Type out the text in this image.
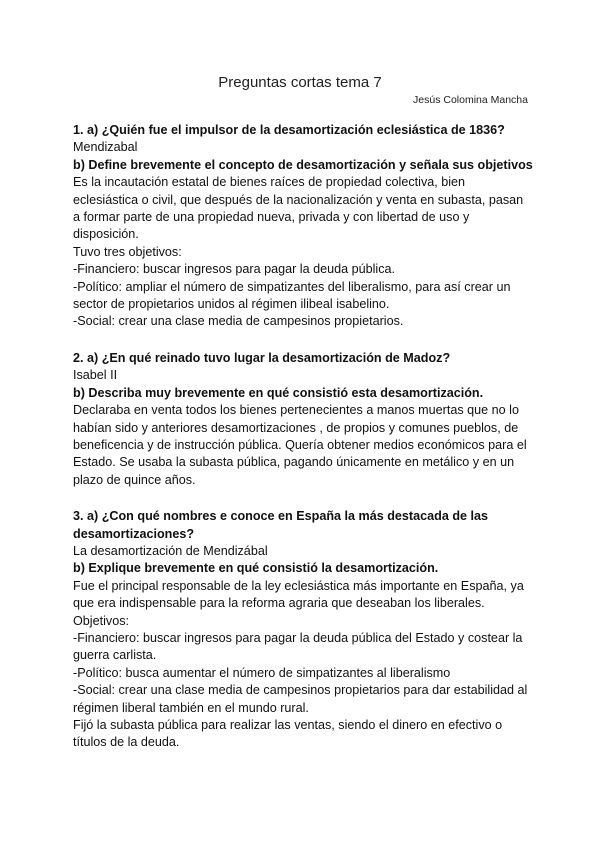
Preguntas cortas tema 7
Jesús Colomina Mancha

1. a) ¿Quién fue el impulsor de la desamortización eclesiástica de 1836?

Mendizabal

b) Define brevemente el concepto de desamortización y señala sus objetivos

Es la incautación estatal de bienes raíces de propiedad colectiva, bien eclesiástica o civil, que después de la nacionalización y venta en subasta, pasan a formar parte de una propiedad nueva, privada y con libertad de uso y disposición.

Tuvo tres objetivos:

-Financiero: buscar ingresos para pagar la deuda pública.

-Político: ampliar el número de simpatizantes del liberalismo, para así crear un sector de propietarios unidos al régimen ilibeal isabelino.

-Social: crear una clase media de campesinos propietarios.

2. a) ¿En qué reinado tuvo lugar la desamortización de Madoz?

Isabel II

b) Describa muy brevemente en qué consistió esta desamortización.

Declaraba en venta todos los bienes pertenecientes a manos muertas que no lo habían sido y anteriores desamortizaciones , de propios y comunes pueblos, de beneficencia y de instrucción pública. Quería obtener medios económicos para el Estado. Se usaba la subasta pública, pagando únicamente en metálico y en un plazo de quince años.

3. a) ¿Con qué nombres e conoce en España la más destacada de las desamortizaciones?

La desamortización de Mendizábal

b) Explique brevemente en qué consistió la desamortización.

Fue el principal responsable de la ley eclesiástica más importante en España, ya que era indispensable para la reforma agraria que deseaban los liberales.

Objetivos:

-Financiero: buscar ingresos para pagar la deuda pública del Estado y costear la guerra carlista.

-Político: busca aumentar el número de simpatizantes al liberalismo

-Social: crear una clase media de campesinos propietarios para dar estabilidad al régimen liberal también en el mundo rural.

Fijó la subasta pública para realizar las ventas, siendo el dinero en efectivo o títulos de la deuda.
